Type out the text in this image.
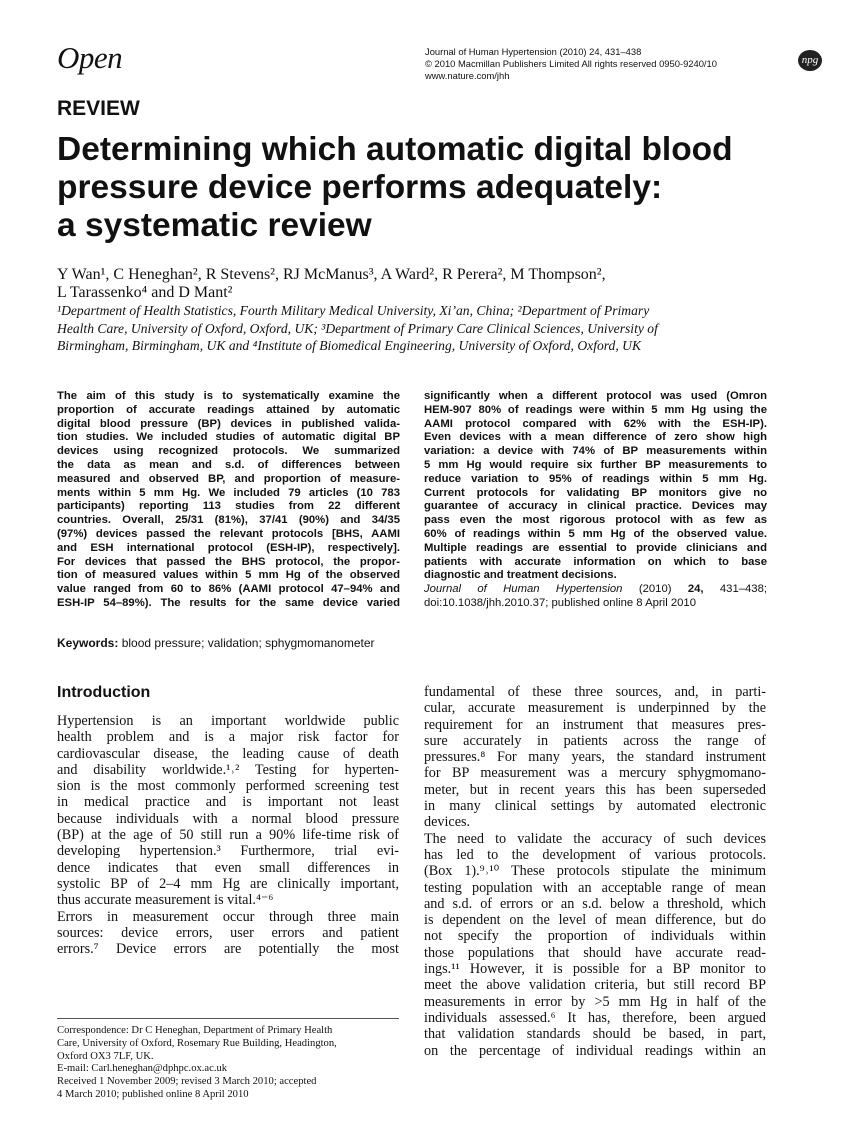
Open	Journal of Human Hypertension (2010) 24, 431–438
© 2010 Macmillan Publishers Limited All rights reserved 0950-9240/10
www.nature.com/jhh
npg
REVIEW
Determining which automatic digital blood
pressure device performs adequately:
a systematic review
Y Wan¹, C Heneghan², R Stevens², RJ McManus³, A Ward², R Perera², M Thompson²,
L Tarassenko⁴ and D Mant²
¹Department of Health Statistics, Fourth Military Medical University, Xi’an, China; ²Department of Primary
Health Care, University of Oxford, Oxford, UK; ³Department of Primary Care Clinical Sciences, University of
Birmingham, Birmingham, UK and ⁴Institute of Biomedical Engineering, University of Oxford, Oxford, UK
The aim of this study is to systematically examine the
proportion of accurate readings attained by automatic
digital blood pressure (BP) devices in published valida-
tion studies. We included studies of automatic digital BP
devices using recognized protocols. We summarized
the data as mean and s.d. of differences between
measured and observed BP, and proportion of measure-
ments within 5 mm Hg. We included 79 articles (10 783
participants) reporting 113 studies from 22 different
countries. Overall, 25/31 (81%), 37/41 (90%) and 34/35
(97%) devices passed the relevant protocols [BHS, AAMI
and ESH international protocol (ESH-IP), respectively].
For devices that passed the BHS protocol, the propor-
tion of measured values within 5 mm Hg of the observed
value ranged from 60 to 86% (AAMI protocol 47–94% and
ESH-IP 54–89%). The results for the same device varied
significantly when a different protocol was used (Omron
HEM-907 80% of readings were within 5 mm Hg using the
AAMI protocol compared with 62% with the ESH-IP).
Even devices with a mean difference of zero show high
variation: a device with 74% of BP measurements within
5 mm Hg would require six further BP measurements to
reduce variation to 95% of readings within 5 mm Hg.
Current protocols for validating BP monitors give no
guarantee of accuracy in clinical practice. Devices may
pass even the most rigorous protocol with as few as
60% of readings within 5 mm Hg of the observed value.
Multiple readings are essential to provide clinicians and
patients with accurate information on which to base
diagnostic and treatment decisions.
Journal of Human Hypertension (2010) 24, 431–438;
doi:10.1038/jhh.2010.37; published online 8 April 2010
Keywords: blood pressure; validation; sphygmomanometer
Introduction
Hypertension is an important worldwide public
health problem and is a major risk factor for
cardiovascular disease, the leading cause of death
and disability worldwide.¹˒² Testing for hyperten-
sion is the most commonly performed screening test
in medical practice and is important not least
because individuals with a normal blood pressure
(BP) at the age of 50 still run a 90% life-time risk of
developing hypertension.³ Furthermore, trial evi-
dence indicates that even small differences in
systolic BP of 2–4 mm Hg are clinically important,
thus accurate measurement is vital.⁴⁻⁶
Errors in measurement occur through three main
sources: device errors, user errors and patient
errors.⁷ Device errors are potentially the most
fundamental of these three sources, and, in parti-
cular, accurate measurement is underpinned by the
requirement for an instrument that measures pres-
sure accurately in patients across the range of
pressures.⁸ For many years, the standard instrument
for BP measurement was a mercury sphygmomano-
meter, but in recent years this has been superseded
in many clinical settings by automated electronic
devices.
The need to validate the accuracy of such devices
has led to the development of various protocols.
(Box 1).⁹˒¹⁰ These protocols stipulate the minimum
testing population with an acceptable range of mean
and s.d. of errors or an s.d. below a threshold, which
is dependent on the level of mean difference, but do
not specify the proportion of individuals within
those populations that should have accurate read-
ings.¹¹ However, it is possible for a BP monitor to
meet the above validation criteria, but still record BP
measurements in error by >5 mm Hg in half of the
individuals assessed.⁶ It has, therefore, been argued
that validation standards should be based, in part,
on the percentage of individual readings within an
Correspondence: Dr C Heneghan, Department of Primary Health
Care, University of Oxford, Rosemary Rue Building, Headington,
Oxford OX3 7LF, UK.
E-mail: Carl.heneghan@dphpc.ox.ac.uk
Received 1 November 2009; revised 3 March 2010; accepted
4 March 2010; published online 8 April 2010
